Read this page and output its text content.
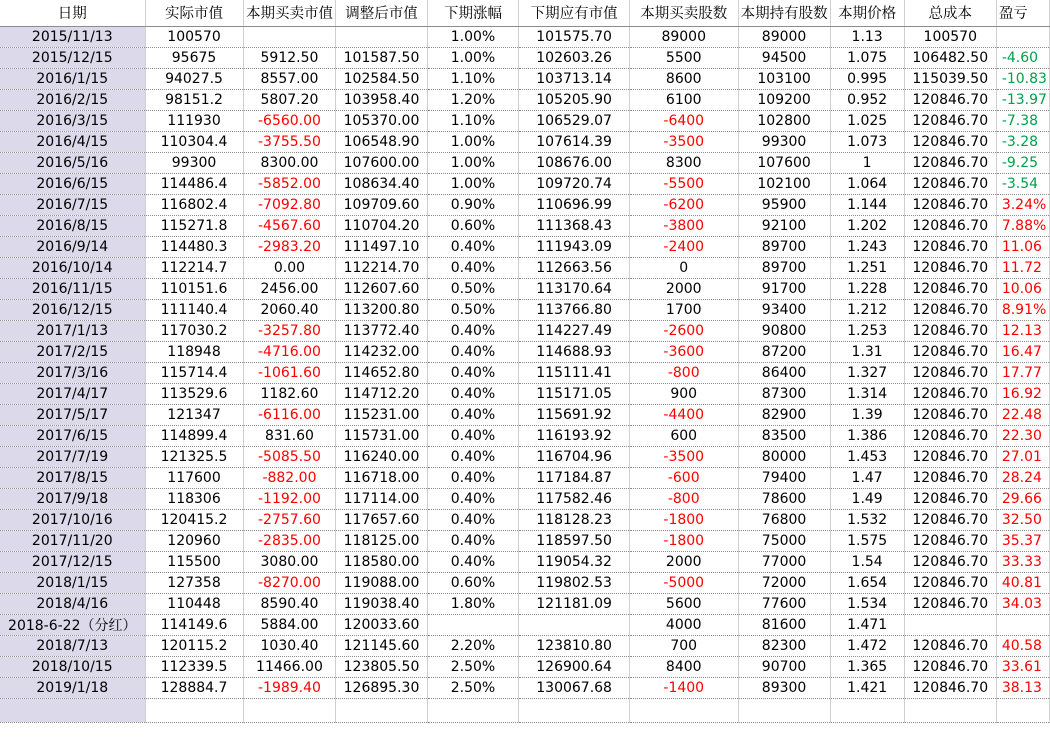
日期	实际市值	本期买卖市值	调整后市值	下期涨幅	下期应有市值	本期买卖股数	本期持有股数	本期价格	总成本	盈亏
2015/11/13	100570			1.00%	101575.70	89000	89000	1.13	100570	
2015/12/15	95675	5912.50	101587.50	1.00%	102603.26	5500	94500	1.075	106482.50	-4.60
2016/1/15	94027.5	8557.00	102584.50	1.10%	103713.14	8600	103100	0.995	115039.50	-10.83
2016/2/15	98151.2	5807.20	103958.40	1.20%	105205.90	6100	109200	0.952	120846.70	-13.97
2016/3/15	111930	-6560.00	105370.00	1.10%	106529.07	-6400	102800	1.025	120846.70	-7.38
2016/4/15	110304.4	-3755.50	106548.90	1.00%	107614.39	-3500	99300	1.073	120846.70	-3.28
2016/5/16	99300	8300.00	107600.00	1.00%	108676.00	8300	107600	1	120846.70	-9.25
2016/6/15	114486.4	-5852.00	108634.40	1.00%	109720.74	-5500	102100	1.064	120846.70	-3.54
2016/7/15	116802.4	-7092.80	109709.60	0.90%	110696.99	-6200	95900	1.144	120846.70	3.24%
2016/8/15	115271.8	-4567.60	110704.20	0.60%	111368.43	-3800	92100	1.202	120846.70	7.88%
2016/9/14	114480.3	-2983.20	111497.10	0.40%	111943.09	-2400	89700	1.243	120846.70	11.06
2016/10/14	112214.7	0.00	112214.70	0.40%	112663.56	0	89700	1.251	120846.70	11.72
2016/11/15	110151.6	2456.00	112607.60	0.50%	113170.64	2000	91700	1.228	120846.70	10.06
2016/12/15	111140.4	2060.40	113200.80	0.50%	113766.80	1700	93400	1.212	120846.70	8.91%
2017/1/13	117030.2	-3257.80	113772.40	0.40%	114227.49	-2600	90800	1.253	120846.70	12.13
2017/2/15	118948	-4716.00	114232.00	0.40%	114688.93	-3600	87200	1.31	120846.70	16.47
2017/3/16	115714.4	-1061.60	114652.80	0.40%	115111.41	-800	86400	1.327	120846.70	17.77
2017/4/17	113529.6	1182.60	114712.20	0.40%	115171.05	900	87300	1.314	120846.70	16.92
2017/5/17	121347	-6116.00	115231.00	0.40%	115691.92	-4400	82900	1.39	120846.70	22.48
2017/6/15	114899.4	831.60	115731.00	0.40%	116193.92	600	83500	1.386	120846.70	22.30
2017/7/19	121325.5	-5085.50	116240.00	0.40%	116704.96	-3500	80000	1.453	120846.70	27.01
2017/8/15	117600	-882.00	116718.00	0.40%	117184.87	-600	79400	1.47	120846.70	28.24
2017/9/18	118306	-1192.00	117114.00	0.40%	117582.46	-800	78600	1.49	120846.70	29.66
2017/10/16	120415.2	-2757.60	117657.60	0.40%	118128.23	-1800	76800	1.532	120846.70	32.50
2017/11/20	120960	-2835.00	118125.00	0.40%	118597.50	-1800	75000	1.575	120846.70	35.37
2017/12/15	115500	3080.00	118580.00	0.40%	119054.32	2000	77000	1.54	120846.70	33.33
2018/1/15	127358	-8270.00	119088.00	0.60%	119802.53	-5000	72000	1.654	120846.70	40.81
2018/4/16	110448	8590.40	119038.40	1.80%	121181.09	5600	77600	1.534	120846.70	34.03
2018-6-22（分红）	114149.6	5884.00	120033.60			4000	81600	1.471		
2018/7/13	120115.2	1030.40	121145.60	2.20%	123810.80	700	82300	1.472	120846.70	40.58
2018/10/15	112339.5	11466.00	123805.50	2.50%	126900.64	8400	90700	1.365	120846.70	33.61
2019/1/18	128884.7	-1989.40	126895.30	2.50%	130067.68	-1400	89300	1.421	120846.70	38.13
